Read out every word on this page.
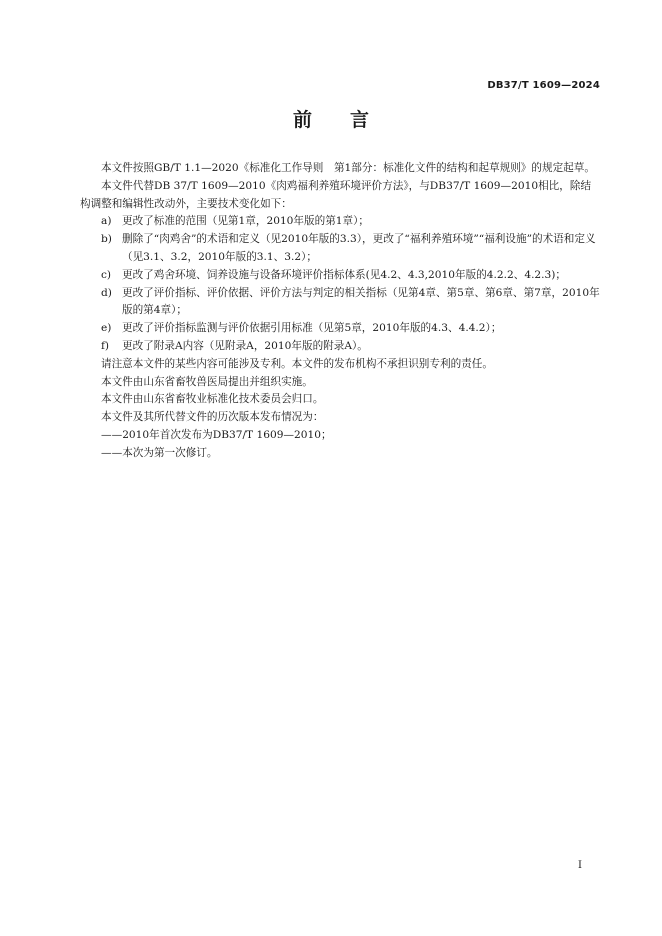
DB37/T 1609—2024
前 言

本文件按照GB/T 1.1—2020《标准化工作导则　第1部分：标准化文件的结构和起草规则》的规定起草。

本文件代替DB 37/T 1609—2010《肉鸡福利养殖环境评价方法》，与DB37/T 1609—2010相比，除结构调整和编辑性改动外，主要技术变化如下：

a) 更改了标准的范围（见第1章，2010年版的第1章）；
b) 删除了“肉鸡舍”的术语和定义（见2010年版的3.3），更改了“福利养殖环境”“福利设施”的术语和定义（见3.1、3.2，2010年版的3.1、3.2）；
c)	更改了鸡舍环境、饲养设施与设备环境评价指标体系(见4.2、4.3,2010年版的4.2.2、4.2.3)；
d) 更改了评价指标、评价依据、评价方法与判定的相关指标（见第4章、第5章、第6章、第7章，2010年版的第4章）；
e) 更改了评价指标监测与评价依据引用标准（见第5章，2010年版的4.3、4.4.2）；
f)	更改了附录A内容（见附录A，2010年版的附录A）。

请注意本文件的某些内容可能涉及专利。本文件的发布机构不承担识别专利的责任。

本文件由山东省畜牧兽医局提出并组织实施。

本文件由山东省畜牧业标准化技术委员会归口。

本文件及其所代替文件的历次版本发布情况为：

——2010年首次发布为DB37/T 1609—2010；

——本次为第一次修订。

I
